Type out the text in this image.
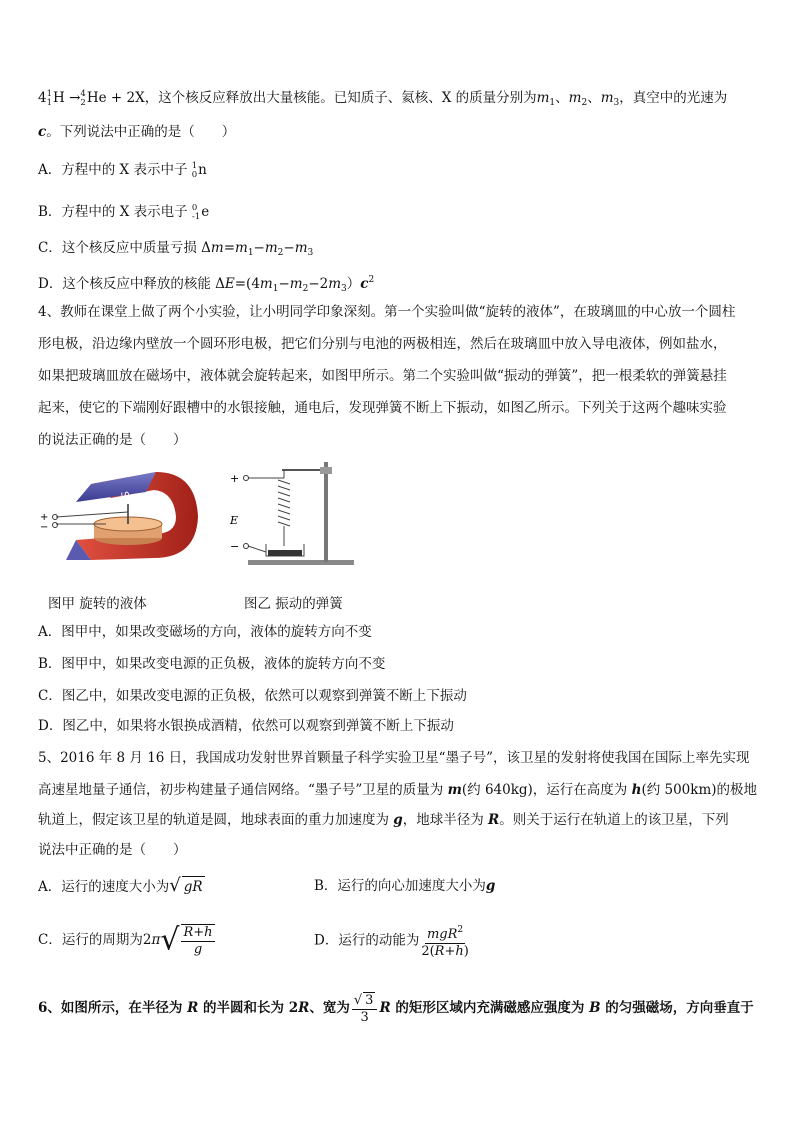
4 1
1 H → 4
2 He + 2X，这个核反应释放出大量核能。已知质子、氦核、X 的质量分别为$m_1$、$m_2$、$m_3$，真空中的光速为
c。下列说法中正确的是（　　）
A．方程中的 X 表示中子 1
0 n
B．方程中的 X 表示电子 0
-1 e
C．这个核反应中质量亏损 $\Delta m=m_1-m_2-m_3$
D．这个核反应中释放的核能 $\Delta E=(4m_1-m_2-2m_3)c^2$
4、教师在课堂上做了两个小实验，让小明同学印象深刻。第一个实验叫做“旋转的液体”，在玻璃皿的中心放一个圆柱
形电极，沿边缘内壁放一个圆环形电极，把它们分别与电池的两极相连，然后在玻璃皿中放入导电液体，例如盐水，
如果把玻璃皿放在磁场中，液体就会旋转起来，如图甲所示。第二个实验叫做“振动的弹簧”，把一根柔软的弹簧悬挂
起来，使它的下端刚好跟槽中的水银接触，通电后，发现弹簧不断上下振动，如图乙所示。下列关于这两个趣味实验
的说法正确的是（　　）
S
+
−
+
E
−
图甲 旋转的液体	图乙 振动的弹簧
A．图甲中，如果改变磁场的方向，液体的旋转方向不变
B．图甲中，如果改变电源的正负极，液体的旋转方向不变
C．图乙中，如果改变电源的正负极，依然可以观察到弹簧不断上下振动
D．图乙中，如果将水银换成酒精，依然可以观察到弹簧不断上下振动
5、2016 年 8 月 16 日，我国成功发射世界首颗量子科学实验卫星“墨子号”，该卫星的发射将使我国在国际上率先实现
高速星地量子通信，初步构建量子通信网络。“墨子号”卫星的质量为 m(约 640kg)，运行在高度为 h(约 500km)的极地
轨道上，假定该卫星的轨道是圆，地球表面的重力加速度为 g，地球半径为 R。则关于运行在轨道上的该卫星，下列
说法中正确的是（　　）
A．运行的速度大小为√ gR	B．运行的向心加速度大小为g
C．运行的周期为$2\pi√ \frac{R+h}{g}$	D．运行的动能为 $\frac{mgR^2}{2(R+h)}$
6、如图所示，在半径为 R 的半圆和长为 2R、宽为 $\frac{√ 3}{3}$ R 的矩形区域内充满磁感应强度为 B 的匀强磁场，方向垂直于
